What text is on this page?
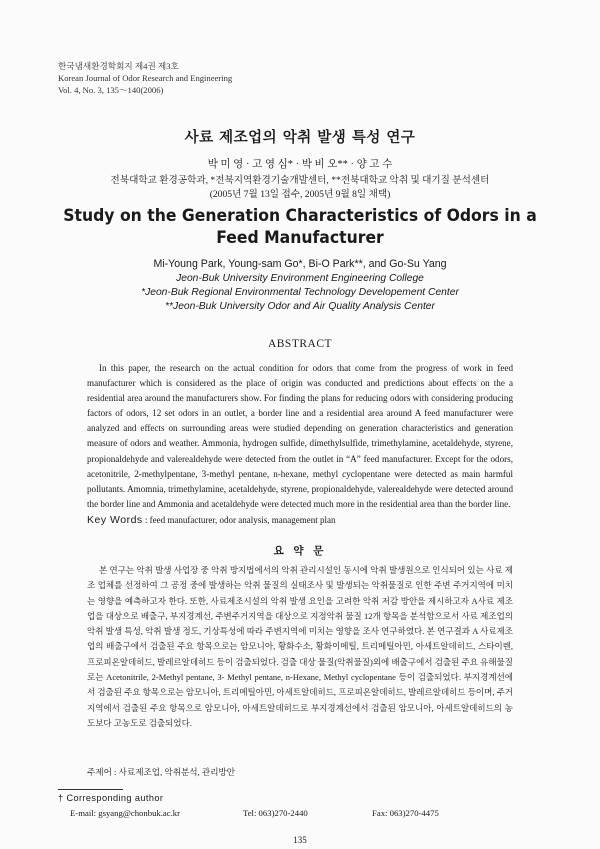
한국냄새환경학회지 제4권 제3호
Korean Journal of Odor Research and Engineering
Vol. 4, No. 3, 135～140(2006)
사료 제조업의 악취 발생 특성 연구
박 미 영 · 고 영 심* · 박 비 오** · 양 고 수
전북대학교 환경공학과, *전북지역환경기술개발센터, **전북대학교 악취 및 대기질 분석센터
(2005년 7월 13일 접수, 2005년 9월 8일 채택)
Study on the Generation Characteristics of Odors in a Feed Manufacturer
Mi-Young Park, Young-sam Go*, Bi-O Park**, and Go-Su Yang
Jeon-Buk University Environment Engineering College
*Jeon-Buk Regional Environmental Technology Developement Center
**Jeon-Buk University Odor and Air Quality Analysis Center
ABSTRACT
In this paper, the research on the actual condition for odors that come from the progress of work in feed manufacturer which is considered as the place of origin was conducted and predictions about effects on the a residential area around the manufacturers show. For finding the plans for reducing odors with considering producing factors of odors, 12 set odors in an outlet, a border line and a residential area around A feed manufacturer were analyzed and effects on surrounding areas were studied depending on generation characteristics and generation measure of odors and weather. Ammonia, hydrogen sulfide, dimethylsulfide, trimethylamine, acetaldehyde, styrene, propionaldehyde and valerealdehyde were detected from the outlet in “A” feed manufacturer. Except for the odors, acetonitrile, 2-methylpentane, 3-methyl pentane, n-hexane, methyl cyclopentane were detected as main harmful pollutants. Amomnia, trimethylamine, acetaldehyde, styrene, propionaldehyde, valerealdehyde were detected around the border line and Ammonia and acetaldehyde were detected much more in the residential area than the border line.
Key Words : feed manufacturer, odor analysis, management plan
요 약 문
본 연구는 악취 발생 사업장 중 악취 방지법에서의 악취 관리시설인 동시에 악취 발생원으로 인식되어 있는 사료 제조 업체를 선정하여 그 공정 중에 발생하는 악취 물질의 실태조사 및 발생되는 악취물질로 인한 주변 주거지역에 미치는 영향을 예측하고자 한다. 또한, 사료제조시설의 악취 발생 요인을 고려한 악취 저감 방안을 제시하고자 A사료 제조업을 대상으로 배출구, 부지경계선, 주변주거지역을 대상으로 지정악취 물질 12개 항목을 분석함으로서 사료 제조업의 악취 발생 특성, 악취 발생 정도, 기상특성에 따라 주변지역에 미치는 영향을 조사 연구하였다. 본 연구결과 A 사료제조업의 배출구에서 검출된 주요 항목으로는 암모니아, 황화수소, 황화이메틸, 트리메틸아민, 아세트알데히드, 스타이렌, 프로피온알데히드, 발레르알데히드 등이 검출되었다. 검출 대상 물질(악취물질)외에 배출구에서 검출된 주요 유해물질로는 Acetonitrile, 2-Methyl pentane, 3- Methyl pentane, n-Hexane, Methyl cyclopentane 등이 검출되었다. 부지경계선에서 검출된 주요 항목으로는 암모니아, 트리메틸아민, 아세트알데히드, 프로피온알데히드, 발레르알데히드 등이며, 주거지역에서 검출된 주요 항목으로 암모니아, 아세트알데히드로 부지경계선에서 검출된 암모니아, 아세트알데히드의 농도보다 고농도로 검출되었다.
주제어 : 사료제조업, 악취분석, 관리방안
† Corresponding author
E-mail: gsyang@chonbuk.ac.kr	Tel: 063)270-2440	Fax: 063)270-4475
135
